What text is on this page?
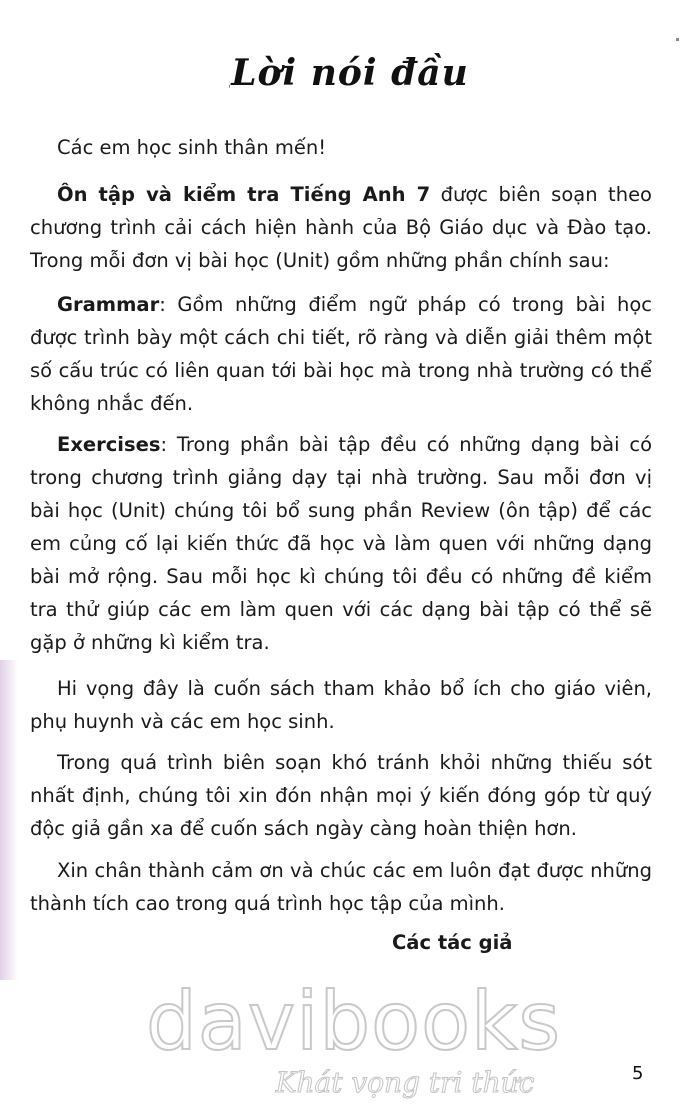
' Lời nói đầu

Các em học sinh thân mến!

Ôn tập và kiểm tra Tiếng Anh 7 được biên soạn theo chương trình cải cách hiện hành của Bộ Giáo dục và Đào tạo. Trong mỗi đơn vị bài học (Unit) gồm những phần chính sau:

Grammar: Gồm những điểm ngữ pháp có trong bài học được trình bày một cách chi tiết, rõ ràng và diễn giải thêm một số cấu trúc có liên quan tới bài học mà trong nhà trường có thể không nhắc đến.

Exercises: Trong phần bài tập đều có những dạng bài có trong chương trình giảng dạy tại nhà trường. Sau mỗi đơn vị bài học (Unit) chúng tôi bổ sung phần Review (ôn tập) để các em củng cố lại kiến thức đã học và làm quen với những dạng bài mở rộng. Sau mỗi học kì chúng tôi đều có những đề kiểm tra thử giúp các em làm quen với các dạng bài tập có thể sẽ gặp ở những kì kiểm tra.

Hi vọng đây là cuốn sách tham khảo bổ ích cho giáo viên, phụ huynh và các em học sinh.

Trong quá trình biên soạn khó tránh khỏi những thiếu sót nhất định, chúng tôi xin đón nhận mọi ý kiến đóng góp từ quý độc giả gần xa để cuốn sách ngày càng hoàn thiện hơn.

Xin chân thành cảm ơn và chúc các em luôn đạt được những thành tích cao trong quá trình học tập của mình.

Các tác giả
davibooks
Khát vọng tri thức	5
